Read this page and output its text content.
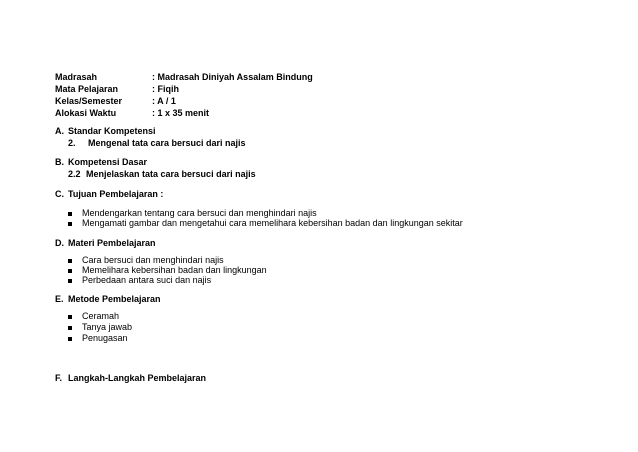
Madrasah	: Madrasah Diniyah Assalam Bindung
Mata Pelajaran	: Fiqih
Kelas/Semester	: A / 1
Alokasi Waktu	: 1 x 35 menit
A. Standar Kompetensi
2. Mengenal tata cara bersuci dari najis
B. Kompetensi Dasar
2.2 Menjelaskan tata cara bersuci dari najis
C. Tujuan Pembelajaran :
Mendengarkan tentang cara bersuci dan menghindari najis
Mengamati gambar dan mengetahui cara memelihara kebersihan badan dan lingkungan sekitar
D. Materi Pembelajaran
Cara bersuci dan menghindari najis
Memelihara kebersihan badan dan lingkungan
Perbedaan antara suci dan najis
E. Metode Pembelajaran
Ceramah
Tanya jawab
Penugasan
F. Langkah-Langkah Pembelajaran
